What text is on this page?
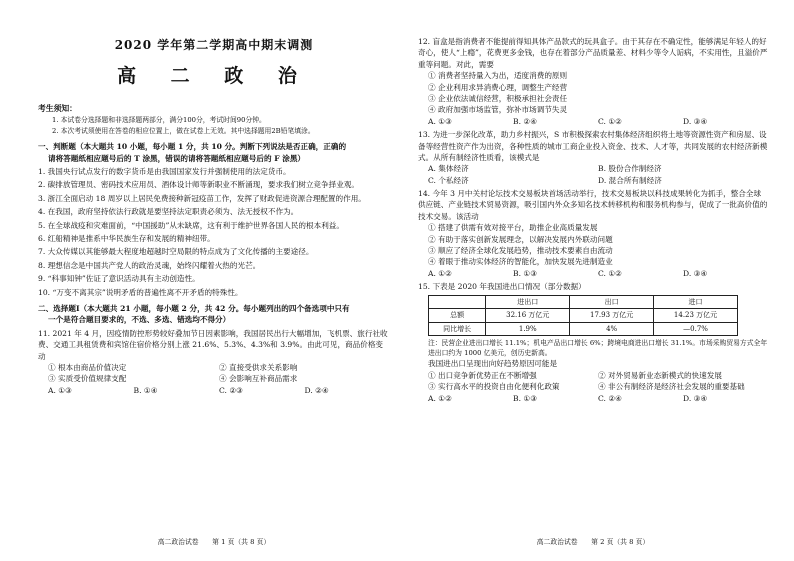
2020 学年第二学期高中期末调测
高 二 政 治
考生须知：

1. 本试卷分选择题和非选择题两部分，满分100分，考试时间90分钟。

2. 本次考试须使用在答卷的相应位置上，做在试卷上无效。其中选择题用2B铅笔填涂。

一、判断题（本大题共 10 小题，每小题 1 分，共 10 分。判断下列说法是否正确，正确的
请将答题纸相应题号后的 T 涂黑，错误的请将答题纸相应题号后的 F 涂黑）
1. 我国央行试点发行的数字货币是由我国国家发行并强制使用的法定货币。
2. 碳排放管理员、密码技术应用员、酒体设计师等新职业不断涌现，要求我们树立竞争择业观。
3. 浙江全面启动 18 周岁以上居民免费接种新冠疫苗工作，发挥了财政促进资源合理配置的作用。
4. 在我国，政府坚持依法行政就是要坚持法定职责必须为、法无授权不作为。
5. 在全球战疫和灾难面前，“中国援助”从未缺席，这有利于维护世界各国人民的根本利益。
6. 红船精神是推系中华民族生存和发展的精神纽带。
7. 大众传媒以其能够最大程度地超越时空局限的特点成为了文化传播的主要途径。
8. 理想信念是中国共产党人的政治灵魂，始终闪耀着火热的光芒。
9. “科事知钟”佐证了意识活动具有主动创造性。
10. “万变不离其宗”说明矛盾的普遍性离不开矛盾的特殊性。
二、选择题Ⅰ（本大题共 21 小题，每小题 2 分，共 42 分。每小题列出的四个备选项中只有
一个是符合题目要求的，不选、多选、错选均不得分）
11. 2021 年 4 月，因疫情防控形势较好叠加节日因素影响，我国居民出行大幅增加，飞机票、旅行社收费、交通工具租赁费和宾馆住宿价格分别上涨 21.6%、5.3%、4.3%和 3.9%。由此可见，商品价格变动
① 根本由商品价值决定	② 直接受供求关系影响
③ 实质受价值规律支配	④ 会影响互补商品需求
A. ①③	B. ①④	C. ②③	D. ②④
高二政治试卷　　第 1 页（共 8 页）
12. 盲盒是指消费者不能提前得知具体产品款式的玩具盒子。由于其存在不确定性，能够满足年轻人的好奇心，使人“上瘾”，花费更多金钱，也存在着部分产品质量差、材料少等令人诟病，不实用性，且溢价严重等问题。对此，需要
① 消费者坚持量入为出，适度消费的原则
② 企业利用求异消费心理，调整生产经营
③ 企业依法诚信经营，积极承担社会责任
④ 政府加强市场监管，弥补市场调节失灵
A. ①③	B. ②④	C. ①②	D. ③④
13. 为进一步深化改革，助力乡村振兴，S 市积极探索农村集体经济组织将土地等资源性资产和房屋、设备等经营性资产作为出资，各种性质的城市工商企业投入资金、技术、人才等，共同发展的农村经济新模式。从所有制经济性质看，该模式是
A. 集体经济	B. 股份合作制经济
C. 个私经济	D. 混合所有制经济
14. 今年 3 月中关村论坛技术交易板块首场活动举行，技术交易板块以科技成果转化为抓手，整合全球供应链、产业链技术贸易资源，吸引国内外众多知名技术转移机构和服务机构参与，促成了一批高价值的技术交易。该活动
① 搭建了供需有效对接平台，助推企业高质量发展
② 有助于落实创新发展理念，以解决发展内外联动问题
③ 顺应了经济全球化发展趋势，推动技术要素自由流动
④ 着眼于推动实体经济的智能化，加快发展先进制造业
A. ①②	B. ①③	C. ①②	D. ③④
15. 下表是 2020 年我国进出口情况（部分数据）
	进出口	出口	进口
总额	32.16 万亿元	17.93 万亿元	14.23 万亿元
同比增长	1.9%	4%	—0.7%
注：民营企业进出口增长 11.1%；机电产品出口增长 6%；跨境电商进出口增长 31.1%。市场采购贸易方式全年进出口约为 1000 亿美元，创历史新高。
我国进出口呈现出向好趋势原因可能是
① 出口竞争新优势正在不断增强	② 对外贸易新业态新模式的快速发展
③ 实行高水平的投资自由化便利化政策	④ 非公有制经济是经济社会发展的重要基础
A. ①②	B. ①③	C. ②④	D. ③④
高二政治试卷　　第 2 页（共 8 页）
